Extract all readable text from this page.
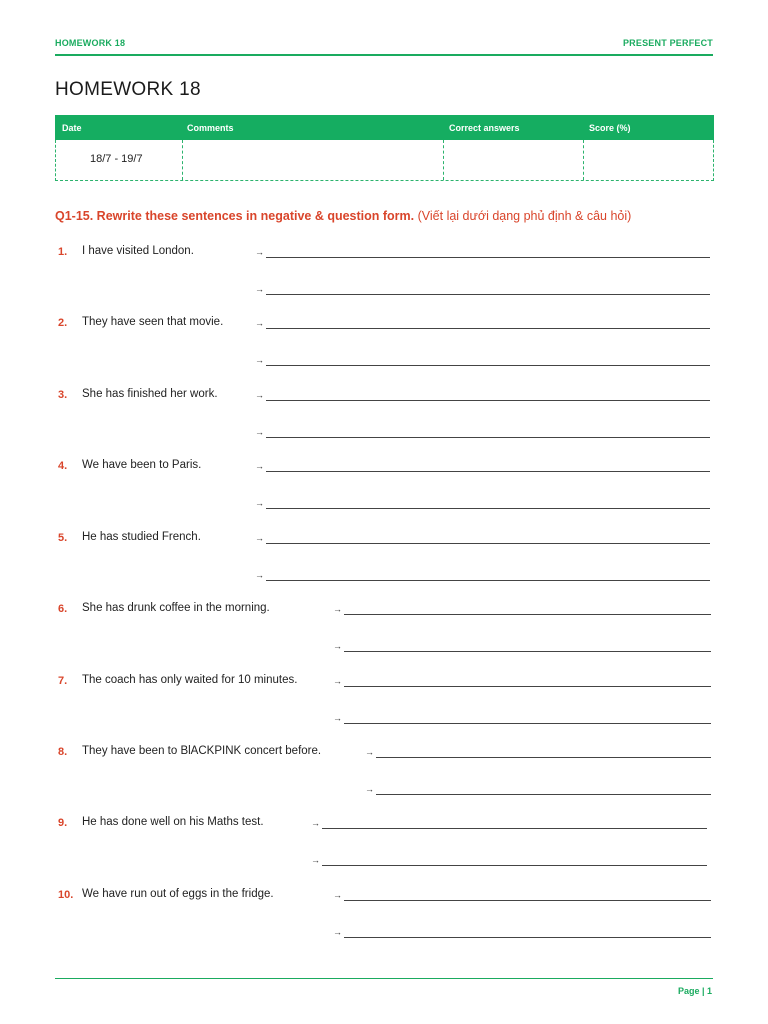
HOMEWORK 18	PRESENT PERFECT
HOMEWORK 18
Date	Comments	Correct answers	Score (%)
18/7 - 19/7
Q1-15. Rewrite these sentences in negative & question form. (Viết lại dưới dạng phủ định & câu hỏi)
1. I have visited London.	→
→
2. They have seen that movie.	→
→
3. She has finished her work.	→
→
4. We have been to Paris.	→
→
5. He has studied French.	→
→
6. She has drunk coffee in the morning.	→
→
7. The coach has only waited for 10 minutes.	→
→
8. They have been to BlACKPINK concert before.	→
→
9. He has done well on his Maths test.	→
→
10. We have run out of eggs in the fridge.	→
→
Page | 1
